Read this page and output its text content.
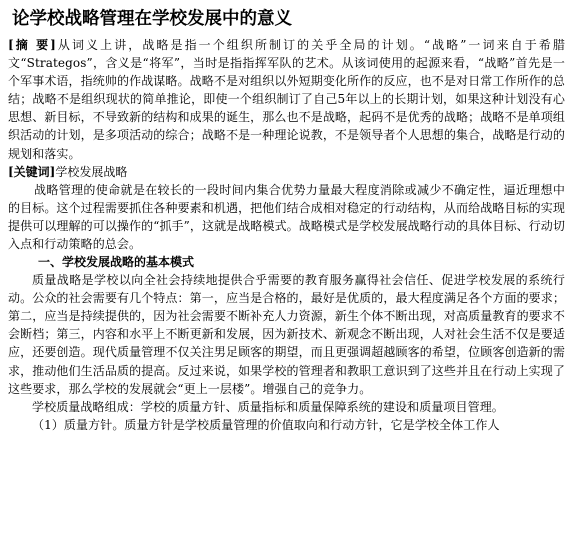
论学校战略管理在学校发展中的意义

[摘 要]从词义上讲，战略是指一个组织所制订的关乎全局的计划。“战略”一词来自于希腊文“Strategos”，含义是“将军”，当时是指指挥军队的艺术。从该词使用的起源来看，“战略”首先是一个军事术语，指统帅的作战谋略。战略不是对组织以外短期变化所作的反应，也不是对日常工作所作的总结；战略不是组织现状的简单推论，即使一个组织制订了自己5年以上的长期计划，如果这种计划没有心思想、新目标，不导致新的结构和成果的诞生，那么也不是战略，起码不是优秀的战略；战略不是单项组织活动的计划，是多项活动的综合；战略不是一种理论说教，不是领导者个人思想的集合，战略是行动的规划和落实。

[关键词]学校发展战略

战略管理的使命就是在较长的一段时间内集合优势力量最大程度消除或减少不确定性，逼近理想中的目标。这个过程需要抓住各种要素和机遇，把他们结合成相对稳定的行动结构，从而给战略目标的实现提供可以理解的可以操作的“抓手”，这就是战略模式。战略模式是学校发展战略行动的具体目标、行动切入点和行动策略的总会。

一、学校发展战略的基本模式

质量战略是学校以向全社会持续地提供合乎需要的教育服务赢得社会信任、促进学校发展的系统行动。公众的社会需要有几个特点：第一，应当是合格的，最好是优质的，最大程度满足各个方面的要求；第二，应当是持续提供的，因为社会需要不断补充人力资源，新生个体不断出现，对高质量教育的要求不会断档；第三，内容和水平上不断更新和发展，因为新技术、新观念不断出现，人对社会生活不仅是要适应，还要创造。现代质量管理不仅关注男足顾客的期望，而且更强调超越顾客的希望，位顾客创造新的需求，推动他们生活品质的提高。反过来说，如果学校的管理者和教职工意识到了这些并且在行动上实现了这些要求，那么学校的发展就会“更上一层楼”。增强自己的竞争力。

学校质量战略组成：学校的质量方针、质量指标和质量保障系统的建设和质量项目管理。

（1）质量方针。质量方针是学校质量管理的价值取向和行动方针，它是学校全体工作人
